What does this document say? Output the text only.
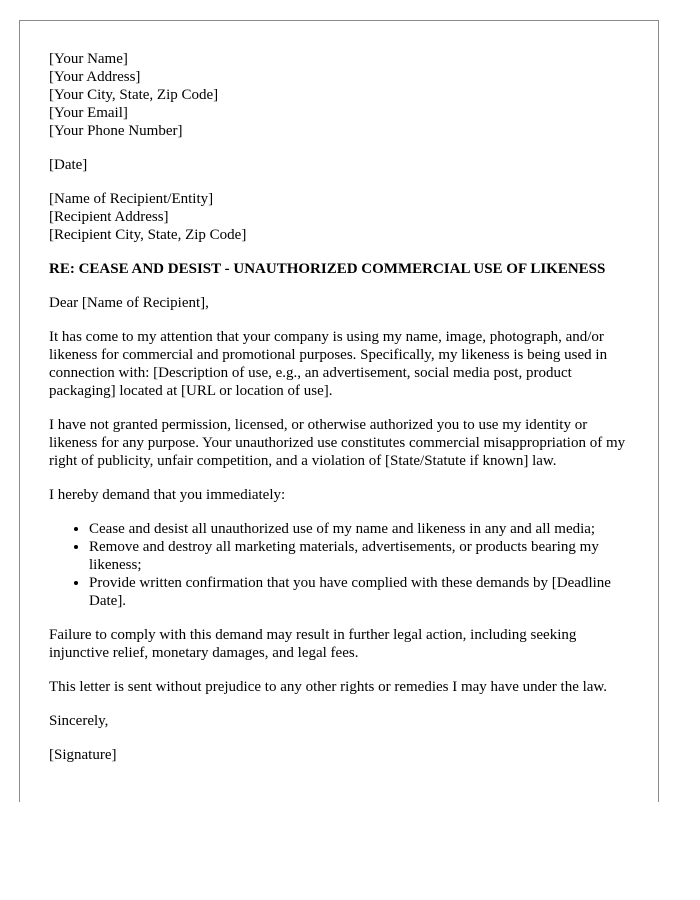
[Your Name]
[Your Address]
[Your City, State, Zip Code]
[Your Email]
[Your Phone Number]
[Date]
[Name of Recipient/Entity]
[Recipient Address]
[Recipient City, State, Zip Code]
RE: CEASE AND DESIST - UNAUTHORIZED COMMERCIAL USE OF LIKENESS

Dear [Name of Recipient],

It has come to my attention that your company is using my name, image, photograph, and/or likeness for commercial and promotional purposes. Specifically, my likeness is being used in connection with: [Description of use, e.g., an advertisement, social media post, product packaging] located at [URL or location of use].

I have not granted permission, licensed, or otherwise authorized you to use my identity or likeness for any purpose. Your unauthorized use constitutes commercial misappropriation of my right of publicity, unfair competition, and a violation of [State/Statute if known] law.

I hereby demand that you immediately:

• Cease and desist all unauthorized use of my name and likeness in any and all media;
• Remove and destroy all marketing materials, advertisements, or products bearing my likeness;
• Provide written confirmation that you have complied with these demands by [Deadline Date].

Failure to comply with this demand may result in further legal action, including seeking injunctive relief, monetary damages, and legal fees.

This letter is sent without prejudice to any other rights or remedies I may have under the law.

Sincerely,

[Signature]
